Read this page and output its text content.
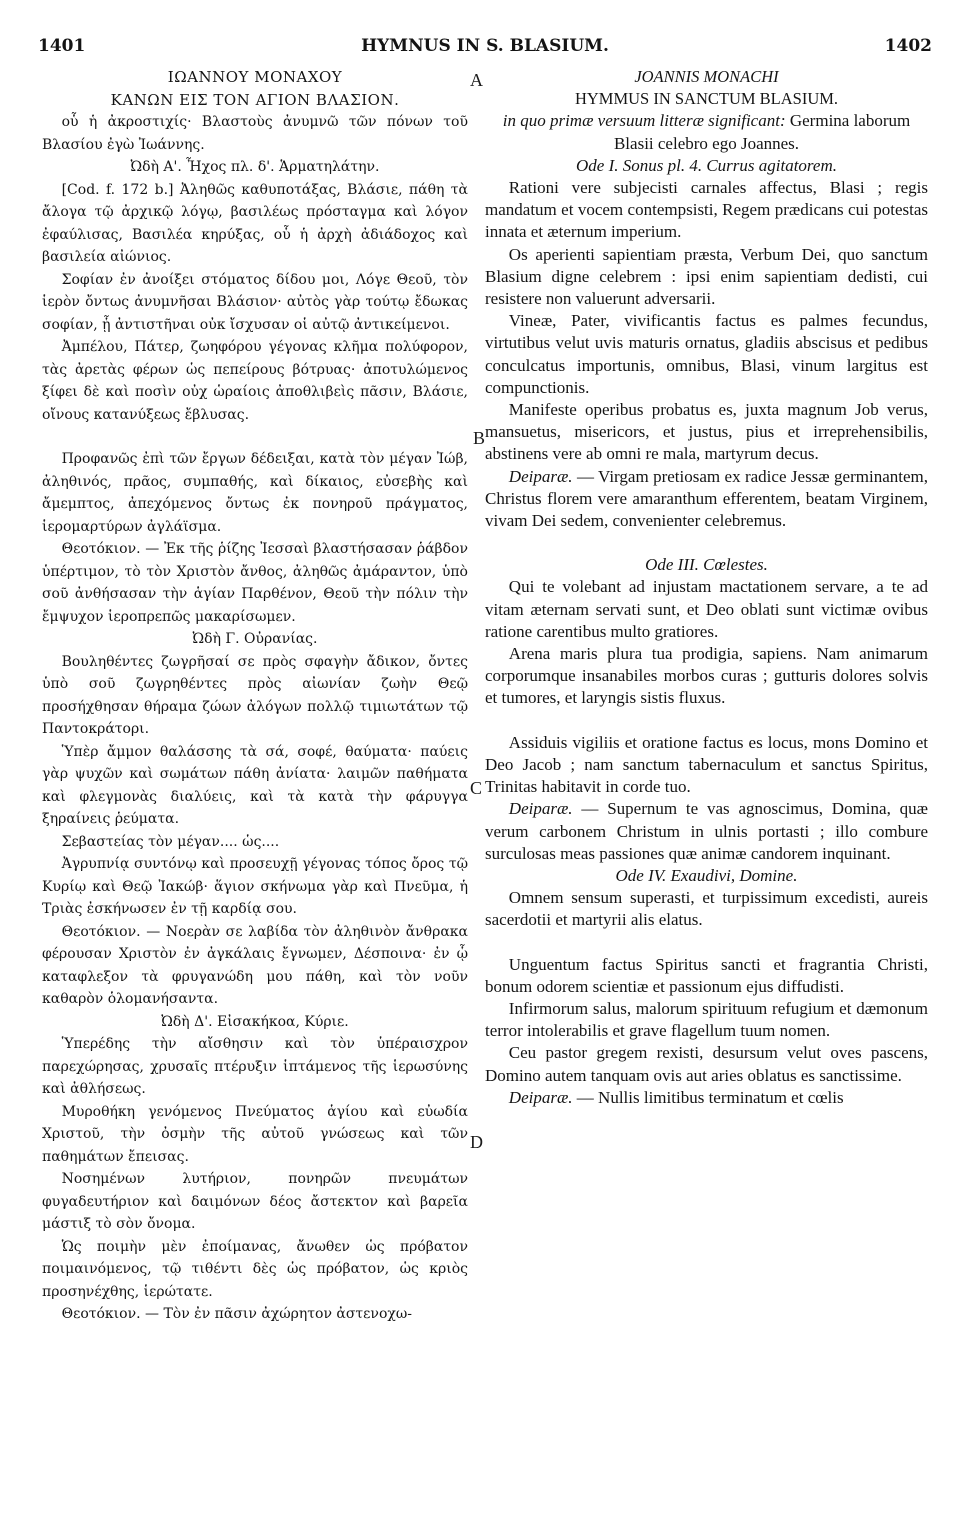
1401	HYMNUS IN S. BLASIUM.	1402
A
B
C
D

ΙΩΑΝΝΟΥ ΜΟΝΑΧΟΥ

ΚΑΝΩΝ ΕΙΣ ΤΟΝ ΑΓΙΟΝ ΒΛΑΣΙΟΝ.

οὗ ἡ ἀκροστιχίς· Βλαστοὺς ἀνυμνῶ τῶν πόνων τοῦ Βλασίου ἐγὼ Ἰωάννης.

Ὠδὴ Α'. Ἦχος πλ. δ'. Ἁρματηλάτην.

[Cod. f. 172 b.] Ἀληθῶς καθυποτάξας, Βλάσιε, πάθη τὰ ἄλογα τῷ ἀρχικῷ λόγῳ, βασιλέως πρόσταγμα καὶ λόγον ἐφαύλισας, Βασιλέα κηρύξας, οὗ ἡ ἀρχὴ ἀδιάδοχος καὶ βασιλεία αἰώνιος.

Σοφίαν ἐν ἀνοίξει στόματος δίδου μοι, Λόγε Θεοῦ, τὸν ἱερὸν ὄντως ἀνυμνῆσαι Βλάσιον· αὐτὸς γὰρ τούτῳ ἔδωκας σοφίαν, ᾗ ἀντιστῆναι οὐκ ἴσχυσαν οἱ αὐτῷ ἀντικείμενοι.

Ἀμπέλου, Πάτερ, ζωηφόρου γέγονας κλῆμα πολύφορον, τὰς ἀρετὰς φέρων ὡς πεπείρους βότρυας· ἀποτυλώμενος ξίφει δὲ καὶ ποσὶν οὐχ ὡραίοις ἀποθλιβεὶς πᾶσιν, Βλάσιε, οἴνους κατανύξεως ἔβλυσας.

Προφανῶς ἐπὶ τῶν ἔργων δέδειξαι, κατὰ τὸν μέγαν Ἰώβ, ἀληθινός, πρᾶος, συμπαθής, καὶ δίκαιος, εὐσεβὴς καὶ ἄμεμπτος, ἀπεχόμενος ὄντως ἐκ πονηροῦ πράγματος, ἱερομαρτύρων ἀγλάϊσμα.

Θεοτόκιον. — Ἐκ τῆς ῥίζης Ἰεσσαὶ βλαστήσασαν ῥάβδον ὑπέρτιμον, τὸ τὸν Χριστὸν ἄνθος, ἀληθῶς ἀμάραντον, ὑπὸ σοῦ ἀνθήσασαν τὴν ἁγίαν Παρθένον, Θεοῦ τὴν πόλιν τὴν ἔμψυχον ἱεροπρεπῶς μακαρίσωμεν.

Ὠδὴ Γ. Οὐρανίας.

Βουληθέντες ζωγρῆσαί σε πρὸς σφαγὴν ἄδικον, ὄντες ὑπὸ σοῦ ζωγρηθέντες πρὸς αἰωνίαν ζωὴν Θεῷ προσήχθησαν θήραμα ζώων ἀλόγων πολλῷ τιμιωτάτων τῷ Παντοκράτορι.

Ὑπὲρ ἄμμον θαλάσσης τὰ σά, σοφέ, θαύματα· παύεις γὰρ ψυχῶν καὶ σωμάτων πάθη ἀνίατα· λαιμῶν παθήματα καὶ φλεγμονὰς διαλύεις, καὶ τὰ κατὰ τὴν φάρυγγα ξηραίνεις ῥεύματα.

Σεβαστείας τὸν μέγαν.... ὡς....

Ἀγρυπνίᾳ συντόνῳ καὶ προσευχῇ γέγονας τόπος ὄρος τῷ Κυρίῳ καὶ Θεῷ Ἰακώβ· ἅγιον σκήνωμα γὰρ καὶ Πνεῦμα, ἡ Τριὰς ἐσκήνωσεν ἐν τῇ καρδίᾳ σου.

Θεοτόκιον. — Νοερὰν σε λαβίδα τὸν ἀληθινὸν ἄνθρακα φέρουσαν Χριστὸν ἐν ἀγκάλαις ἔγνωμεν, Δέσποινα· ἐν ᾧ καταφλεξον τὰ φρυγανώδη μου πάθη, καὶ τὸν νοῦν καθαρὸν ὁλομανήσαντα.

Ὠδὴ Δ'. Εἰσακήκοα, Κύριε.

Ὑπερέδης τὴν αἴσθησιν καὶ τὸν ὑπέραισχρον παρεχώρησας, χρυσαῖς πτέρυξιν ἱπτάμενος τῆς ἱερωσύνης καὶ ἀθλήσεως.

Μυροθήκη γενόμενος Πνεύματος ἁγίου καὶ εὐωδία Χριστοῦ, τὴν ὀσμὴν τῆς αὐτοῦ γνώσεως καὶ τῶν παθημάτων ἔπεισας.

Νοσημένων λυτήριον, πονηρῶν πνευμάτων φυγαδευτήριον καὶ δαιμόνων δέος ἄστεκτον καὶ βαρεῖα μάστιξ τὸ σὸν ὄνομα.

Ὡς ποιμὴν μὲν ἐποίμανας, ἄνωθεν ὡς πρόβατον ποιμαινόμενος, τῷ τιθέντι δὲς ὡς πρόβατον, ὡς κριὸς προσηνέχθης, ἱερώτατε.

Θεοτόκιον. — Τὸν ἐν πᾶσιν ἀχώρητον ἀστενοχω-

JOANNIS MONACHI

HYMMUS IN SANCTUM BLASIUM.

in quo primæ versuum litteræ significant: Germina laborum Blasii celebro ego Joannes.

Ode I. Sonus pl. 4. Currus agitatorem.

Rationi vere subjecisti carnales affectus, Blasi ; regis mandatum et vocem contempsisti, Regem prædicans cui potestas innata et æternum imperium.

Os aperienti sapientiam præsta, Verbum Dei, quo sanctum Blasium digne celebrem : ipsi enim sapientiam dedisti, cui resistere non valuerunt adversarii.

Vineæ, Pater, vivificantis factus es palmes fecundus, virtutibus velut uvis maturis ornatus, gladiis abscisus et pedibus conculcatus importunis, omnibus, Blasi, vinum largitus est compunctionis.

Manifeste operibus probatus es, juxta magnum Job verus, mansuetus, misericors, et justus, pius et irreprehensibilis, abstinens vere ab omni re mala, martyrum decus.

Deiparæ. — Virgam pretiosam ex radice Jessæ germinantem, Christus florem vere amaranthum efferentem, beatam Virginem, vivam Dei sedem, convenienter celebremus.

Ode III. Cœlestes.

Qui te volebant ad injustam mactationem servare, a te ad vitam æternam servati sunt, et Deo oblati sunt victimæ ovibus ratione carentibus multo gratiores.

Arena maris plura tua prodigia, sapiens. Nam animarum corporumque insanabiles morbos curas ; gutturis dolores solvis et tumores, et laryngis sistis fluxus.

Assiduis vigiliis et oratione factus es locus, mons Domino et Deo Jacob ; nam sanctum tabernaculum et sanctus Spiritus, Trinitas habitavit in corde tuo.

Deiparæ. — Supernum te vas agnoscimus, Domina, quæ verum carbonem Christum in ulnis portasti ; illo combure surculosas meas passiones quæ animæ candorem inquinant.

Ode IV. Exaudivi, Domine.

Omnem sensum superasti, et turpissimum excedisti, aureis sacerdotii et martyrii alis elatus.

Unguentum factus Spiritus sancti et fragrantia Christi, bonum odorem scientiæ et passionum ejus diffudisti.

Infirmorum salus, malorum spirituum refugium et dæmonum terror intolerabilis et grave flagellum tuum nomen.

Ceu pastor gregem rexisti, desursum velut oves pascens, Domino autem tanquam ovis aut aries oblatus es sanctissime.

Deiparæ. — Nullis limitibus terminatum et cœlis
